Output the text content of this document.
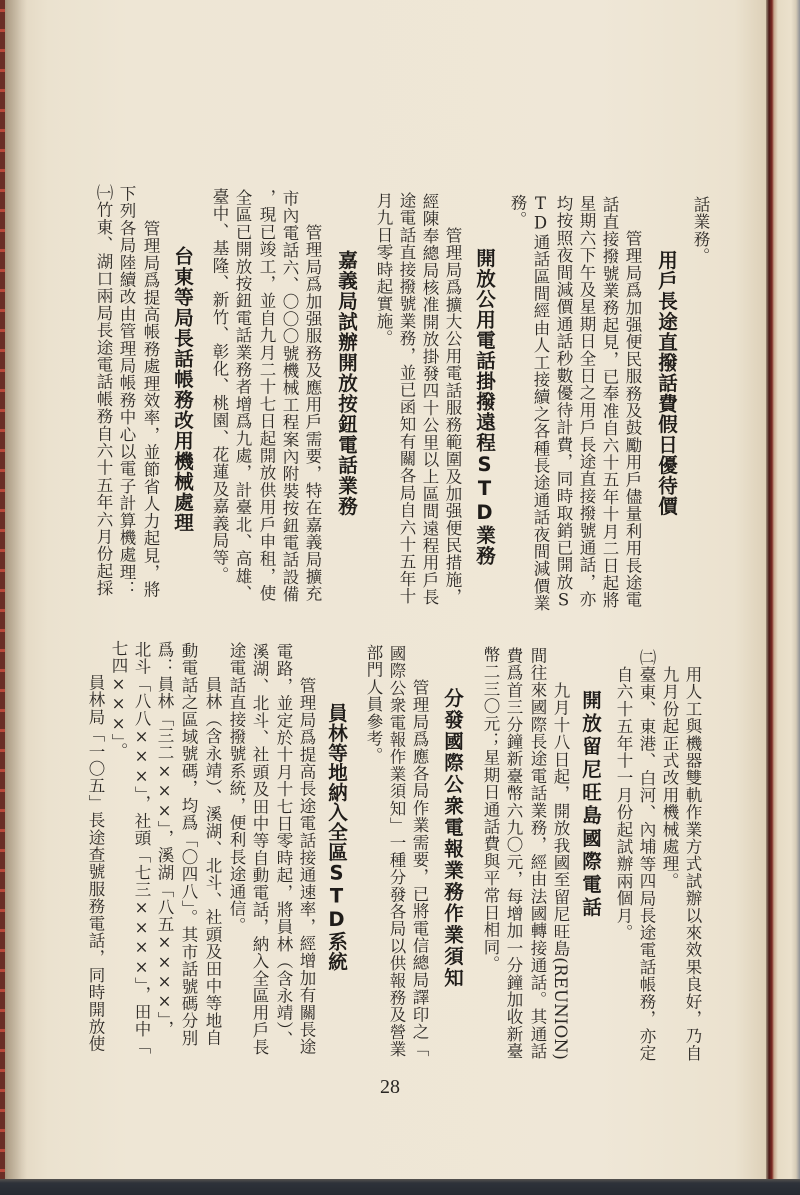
話業務。
用戶長途直撥話費假日優待價
管理局爲加强便民服務及鼓勵用戶儘量利用長途電
話直接撥號業務起見，已奉准自六十五年十月二日起將
星期六下午及星期日全日之用戶長途直接撥號通話，亦
均按照夜間減價通話秒數優待計費，同時取銷已開放S
TD通話區間經由人工接續之各種長途通話夜間減價業
務。
開放公用電話掛撥遠程STD業務
管理局爲擴大公用電話服務範圍及加强便民措施，
經陳奉總局核准開放掛發四十公里以上區間遠程用戶長
途電話直接撥號業務，並已函知有關各局自六十五年十
月九日零時起實施。
嘉義局試辦開放按鈕電話業務
管理局爲加强服務及應用戶需要，特在嘉義局擴充
市內電話六、〇〇〇號機械工程案內附裝按鈕電話設備
，現已竣工，並自九月二十七日起開放供用戶申租，使
全區已開放按鈕電話業務者增爲九處，計臺北、高雄、
臺中、基隆、新竹、彰化、桃園、花蓮及嘉義局等。
台東等局長話帳務改用機械處理
管理局爲提高帳務處理效率，並節省人力起見，將
下列各局陸續改由管理局帳務中心以電子計算機處理：
㈠竹東、湖口兩局長途電話帳務自六十五年六月份起採
用人工與機器雙軌作業方式試辦以來效果良好，乃自
九月份起正式改用機械處理。
㈡臺東、東港、白河、內埔等四局長途電話帳務，亦定
自六十五年十一月份起試辦兩個月。
開放留尼旺島國際電話
九月十八日起，開放我國至留尼旺島(REUNION)
間往來國際長途電話業務，經由法國轉接通話。其通話
費爲首三分鐘新臺幣六九〇元，每增加一分鐘加收新臺
幣二三〇元；星期日通話費與平常日相同。
分發國際公衆電報業務作業須知
管理局爲應各局作業需要，已將電信總局譯印之「
國際公衆電報作業須知」一種分發各局以供報務及營業
部門人員參考。
員林等地納入全區STD系統
管理局爲提高長途電話接通速率，經增加有關長途
電路，並定於十月十七日零時起，將員林（含永靖）、
溪湖、北斗、社頭及田中等自動電話，納入全區用戶長
途電話直接撥號系統，便利長途通信。
員林（含永靖）、溪湖、北斗、社頭及田中等地自
動電話之區域號碼，均爲「〇四八」。其市話號碼分別
爲：員林「三二×××」，溪湖「八五××××」，
北斗「八八×××」，社頭「七三××××」，田中「
七四×××」。
員林局「一〇五」長途查號服務電話，同時開放使
28
